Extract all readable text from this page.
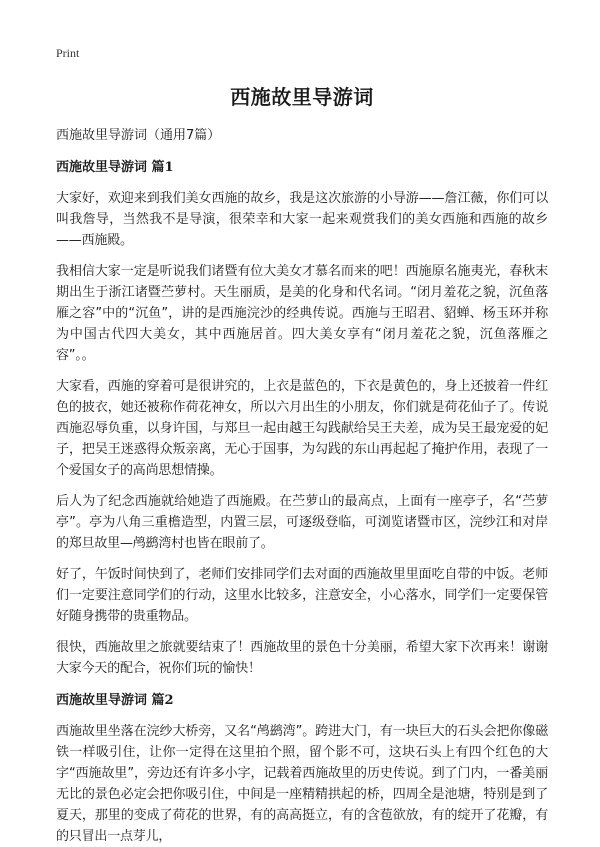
Print

西施故里导游词

西施故里导游词（通用7篇）

西施故里导游词 篇1

大家好，欢迎来到我们美女西施的故乡，我是这次旅游的小导游——詹江薇，你们可以叫我詹导，当然我不是导演，很荣幸和大家一起来观赏我们的美女西施和西施的故乡——西施殿。

我相信大家一定是听说我们诸暨有位大美女才慕名而来的吧！西施原名施夷光，春秋末期出生于浙江诸暨苎萝村。天生丽质，是美的化身和代名词。“闭月羞花之貌，沉鱼落雁之容”中的“沉鱼”，讲的是西施浣沙的经典传说。西施与王昭君、貂蝉、杨玉环并称为中国古代四大美女，其中西施居首。四大美女享有“闭月羞花之貌，沉鱼落雁之容”。。

大家看，西施的穿着可是很讲究的，上衣是蓝色的，下衣是黄色的，身上还披着一件红色的披衣，她还被称作荷花神女，所以六月出生的小朋友，你们就是荷花仙子了。传说西施忍辱负重，以身许国，与郑旦一起由越王勾践献给吴王夫差，成为吴王最宠爱的妃子，把吴王迷惑得众叛亲离，无心于国事，为勾践的东山再起起了掩护作用，表现了一个爱国女子的高尚思想情操。

后人为了纪念西施就给她造了西施殿。在苎萝山的最高点，上面有一座亭子，名“苎萝亭”。亭为八角三重檐造型，内置三层，可逐级登临，可浏览诸暨市区，浣纱江和对岸的郑旦故里—鸬鹚湾村也皆在眼前了。

好了，午饭时间快到了，老师们安排同学们去对面的西施故里里面吃自带的中饭。老师们一定要注意同学们的行动，这里水比较多，注意安全，小心落水，同学们一定要保管好随身携带的贵重物品。

很快，西施故里之旅就要结束了！西施故里的景色十分美丽，希望大家下次再来！谢谢大家今天的配合，祝你们玩的愉快！

西施故里导游词 篇2

西施故里坐落在浣纱大桥旁，又名“鸬鹚湾”。跨进大门，有一块巨大的石头会把你像磁铁一样吸引住，让你一定得在这里拍个照，留个影不可，这块石头上有四个红色的大字“西施故里”，旁边还有许多小字，记载着西施故里的历史传说。到了门内，一番美丽无比的景色必定会把你吸引住，中间是一座精精拱起的桥，四周全是池塘，特别是到了夏天，那里的变成了荷花的世界，有的高高挺立，有的含苞欲放，有的绽开了花瓣，有的只冒出一点芽儿，
